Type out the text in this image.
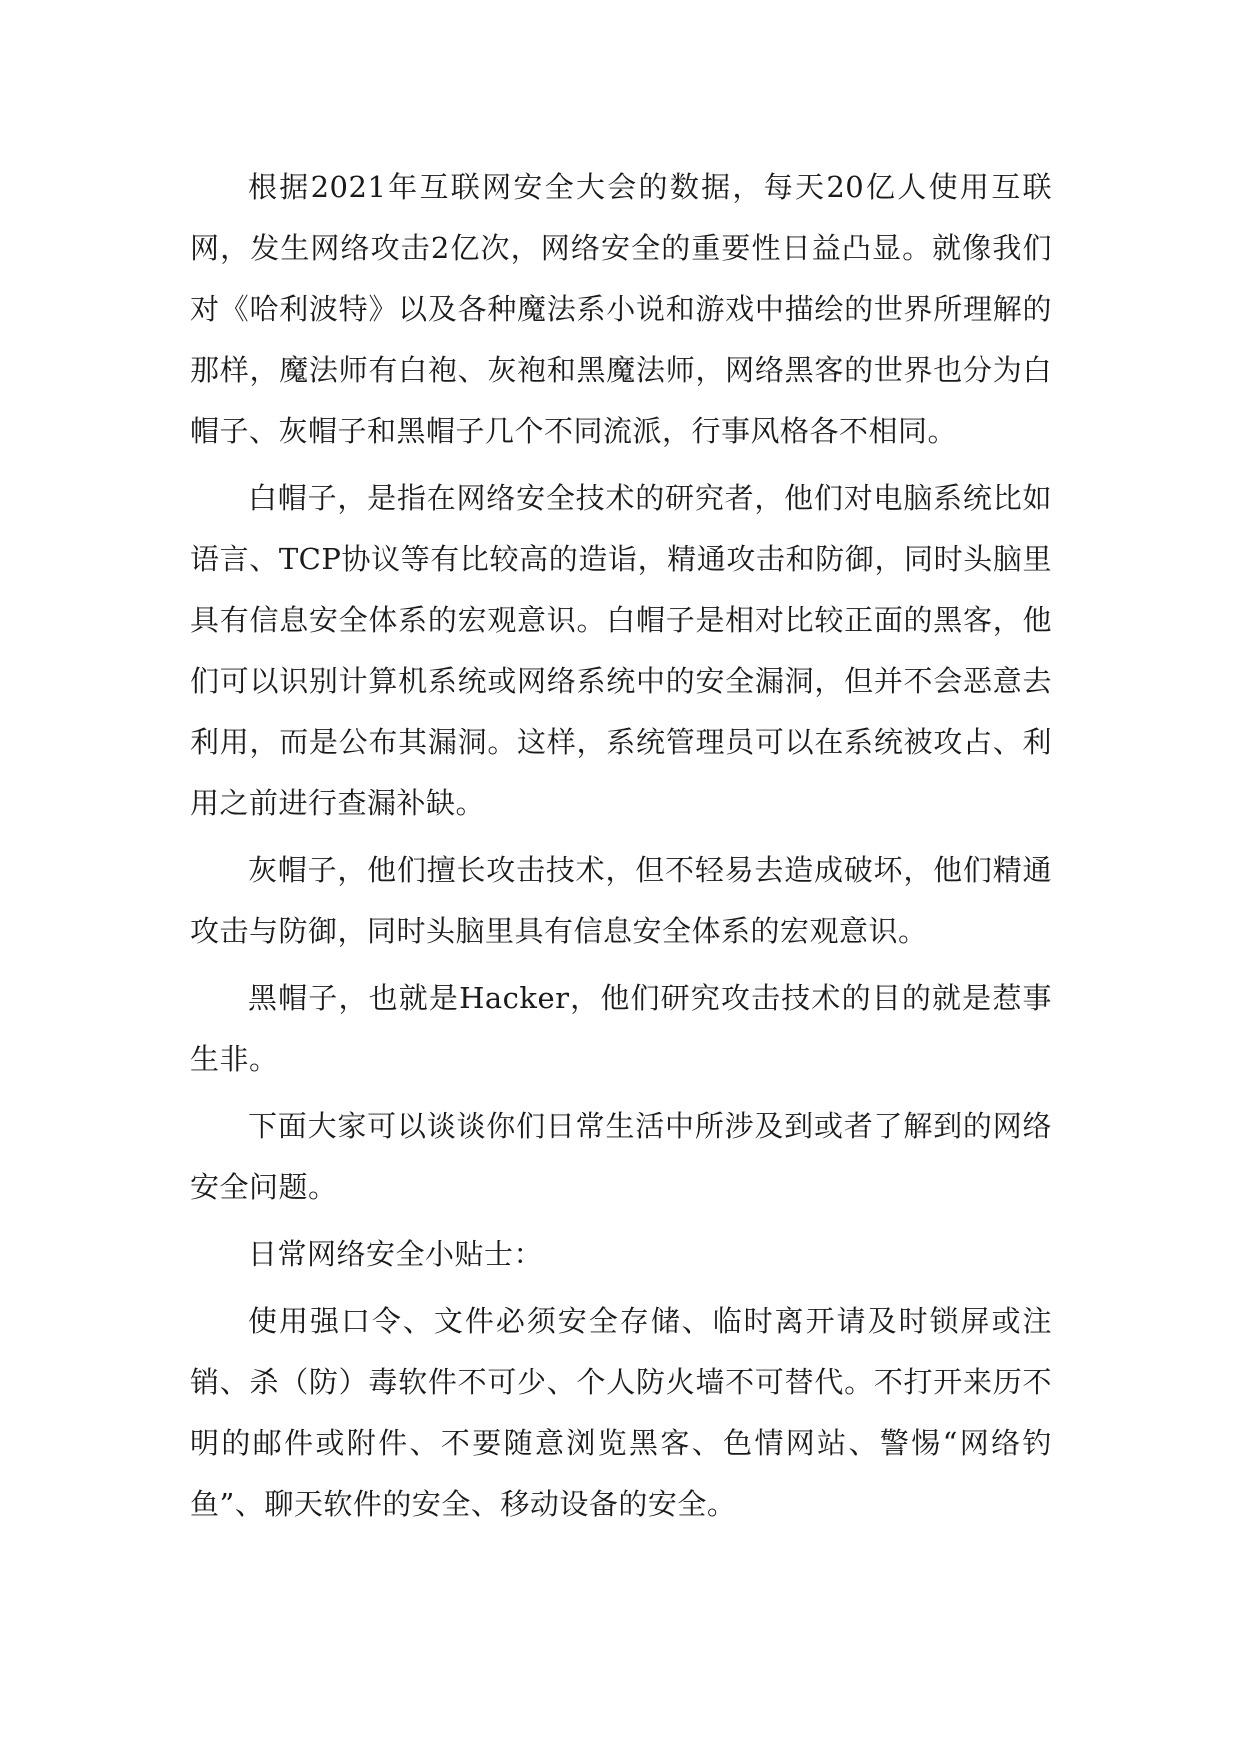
根据2021年互联网安全大会的数据，每天20亿人使用互联网，发生网络攻击2亿次，网络安全的重要性日益凸显。就像我们对《哈利波特》以及各种魔法系小说和游戏中描绘的世界所理解的那样，魔法师有白袍、灰袍和黑魔法师，网络黑客的世界也分为白帽子、灰帽子和黑帽子几个不同流派，行事风格各不相同。

白帽子，是指在网络安全技术的研究者，他们对电脑系统比如语言、TCP协议等有比较高的造诣，精通攻击和防御，同时头脑里具有信息安全体系的宏观意识。白帽子是相对比较正面的黑客，他们可以识别计算机系统或网络系统中的安全漏洞，但并不会恶意去利用，而是公布其漏洞。这样，系统管理员可以在系统被攻占、利用之前进行查漏补缺。

灰帽子，他们擅长攻击技术，但不轻易去造成破坏，他们精通攻击与防御，同时头脑里具有信息安全体系的宏观意识。

黑帽子，也就是Hacker，他们研究攻击技术的目的就是惹事生非。

下面大家可以谈谈你们日常生活中所涉及到或者了解到的网络安全问题。

日常网络安全小贴士：

使用强口令、文件必须安全存储、临时离开请及时锁屏或注销、杀（防）毒软件不可少、个人防火墙不可替代。不打开来历不明的邮件或附件、不要随意浏览黑客、色情网站、警惕“网络钓鱼”、聊天软件的安全、移动设备的安全。
